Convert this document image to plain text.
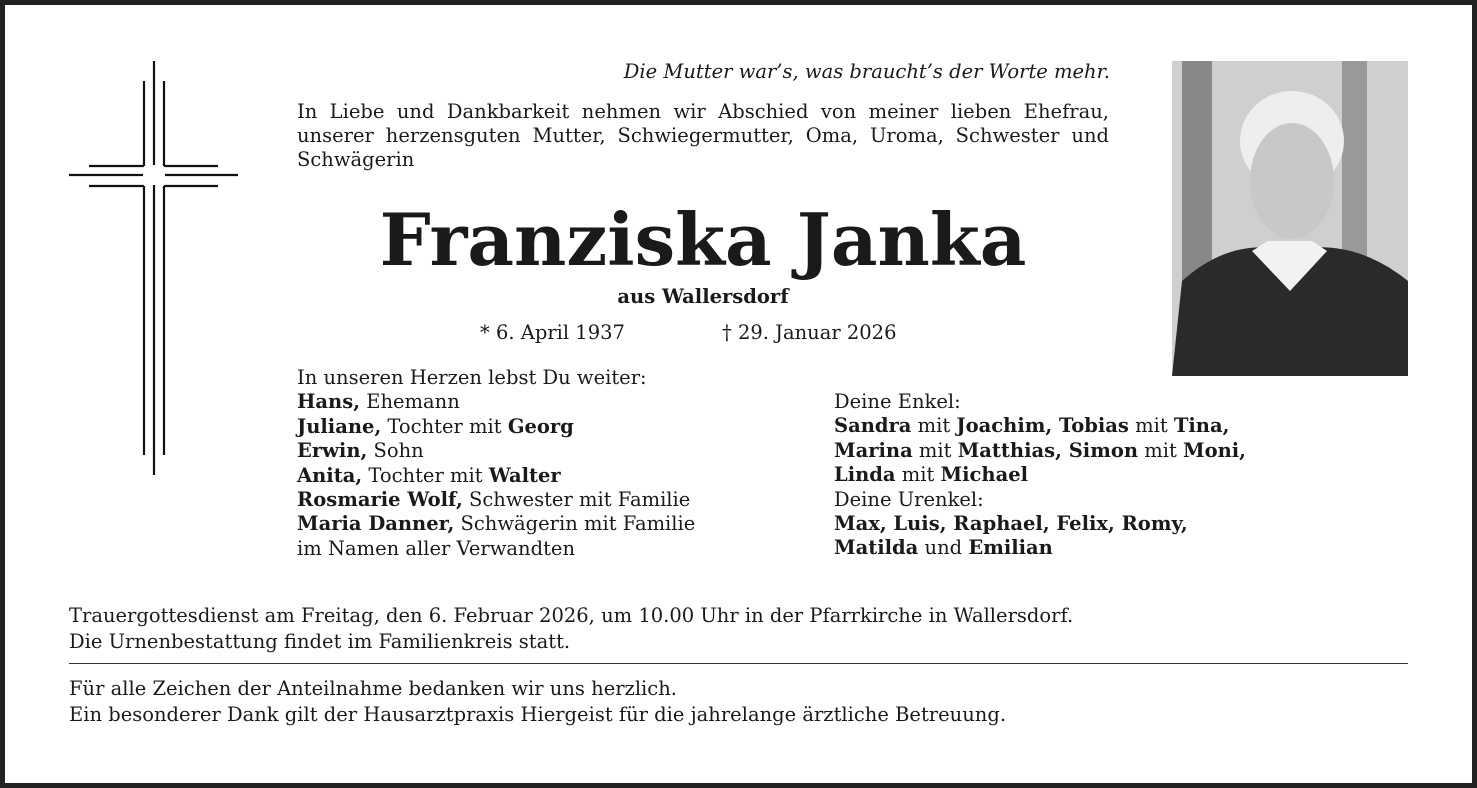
Die Mutter war’s, was braucht’s der Worte mehr.
In Liebe und Dankbarkeit nehmen wir Abschied von meiner lieben Ehefrau, unserer herzensguten Mutter, Schwiegermutter, Oma, Uroma, Schwester und Schwägerin
Franziska Janka
aus Wallersdorf
* 6. April 1937	† 29. Januar 2026
In unseren Herzen lebst Du weiter:
Hans, Ehemann
Juliane, Tochter mit Georg
Erwin, Sohn
Anita, Tochter mit Walter
Rosmarie Wolf, Schwester mit Familie
Maria Danner, Schwägerin mit Familie
im Namen aller Verwandten
Deine Enkel:
Sandra mit Joachim, Tobias mit Tina,
Marina mit Matthias, Simon mit Moni,
Linda mit Michael
Deine Urenkel:
Max, Luis, Raphael, Felix, Romy,
Matilda und Emilian
Trauergottesdienst am Freitag, den 6. Februar 2026, um 10.00 Uhr in der Pfarrkirche in Wallersdorf.
Die Urnenbestattung findet im Familienkreis statt.
Für alle Zeichen der Anteilnahme bedanken wir uns herzlich.
Ein besonderer Dank gilt der Hausarztpraxis Hiergeist für die jahrelange ärztliche Betreuung.
